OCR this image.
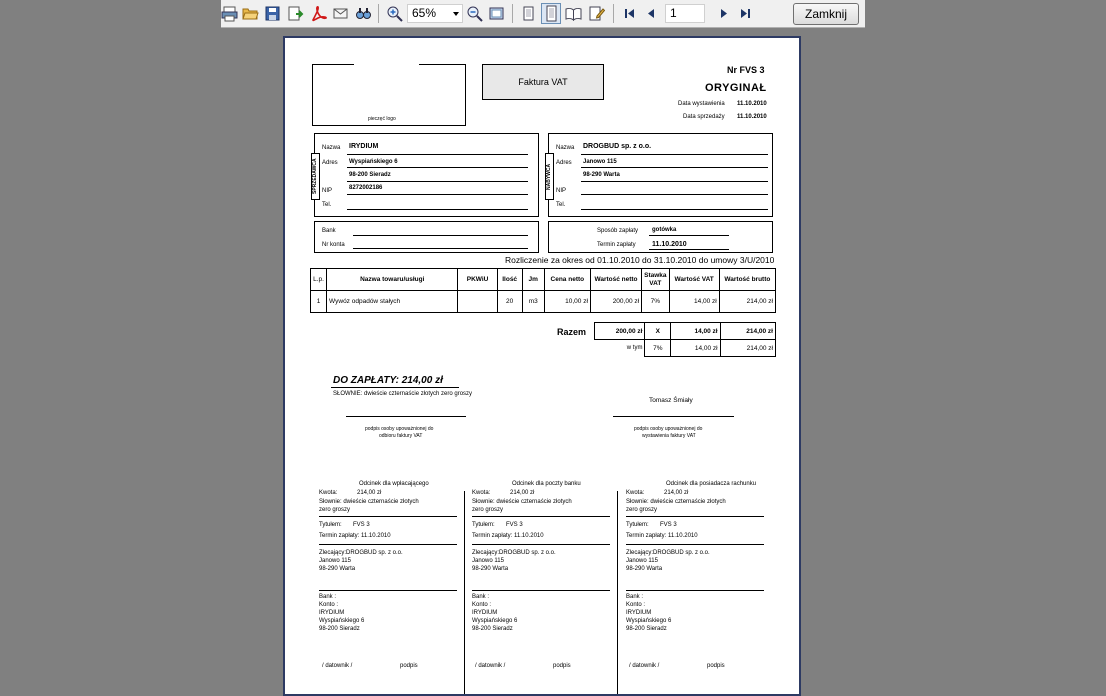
65%	1	Zamknij
pieczęć logo
Faktura VAT
Nr FVS 3
ORYGINAŁ
Data wystawienia 11.10.2010
Data sprzedaży 11.10.2010
SPRZEDAWCA
Nazwa IRYDIUM
Adres Wyspiańskiego 6
98-200 Sieradz
NIP	8272002186
Tel.
Bank
Nr konta
NABYWCA
Nazwa DROGBUD sp. z o.o.
Adres Janowo 115
98-290 Warta
NIP
Tel.
Sposób zapłaty gotówka
Termin zapłaty 11.10.2010
Rozliczenie za okres od 01.10.2010 do 31.10.2010 do umowy 3/U/2010
L.p.	Nazwa towaru/usługi	PKWiU	Ilość	Jm	Cena netto	Wartość netto	Stawka VAT	Wartość VAT	Wartość brutto
1	Wywóz odpadów stałych		20	m3	10,00 zł	200,00 zł	7%	14,00 zł	214,00 zł
Razem	200,00 zł	X	14,00 zł	214,00 zł
w tym	7%	14,00 zł	214,00 zł
DO ZAPŁATY: 214,00 zł
SŁOWNIE: dwieście czternaście złotych zero groszy
Tomasz Śmiały
podpis osoby upoważnionej do
odbioru faktury VAT
podpis osoby upoważnionej do
wystawienia faktury VAT
Odcinek dla wpłacającego
Kwota:	214,00 zł
Słownie: dwieście czternaście złotych
zero groszy
Tytułem: FVS 3
Termin zapłaty: 11.10.2010
Zlecający:DROGBUD sp. z o.o.
Janowo 115
98-290 Warta
Bank :
Konto :
IRYDIUM
Wyspiańskiego 6
98-200 Sieradz
/ datownik /	podpis
Odcinek dla poczty banku
Kwota:	214,00 zł
Słownie: dwieście czternaście złotych
zero groszy
Tytułem: FVS 3
Termin zapłaty: 11.10.2010
Zlecający:DROGBUD sp. z o.o.
Janowo 115
98-290 Warta
Bank :
Konto :
IRYDIUM
Wyspiańskiego 6
98-200 Sieradz
/ datownik /	podpis
Odcinek dla posiadacza rachunku
Kwota:	214,00 zł
Słownie: dwieście czternaście złotych
zero groszy
Tytułem: FVS 3
Termin zapłaty: 11.10.2010
Zlecający:DROGBUD sp. z o.o.
Janowo 115
98-290 Warta
Bank :
Konto :
IRYDIUM
Wyspiańskiego 6
98-200 Sieradz
/ datownik /	podpis
